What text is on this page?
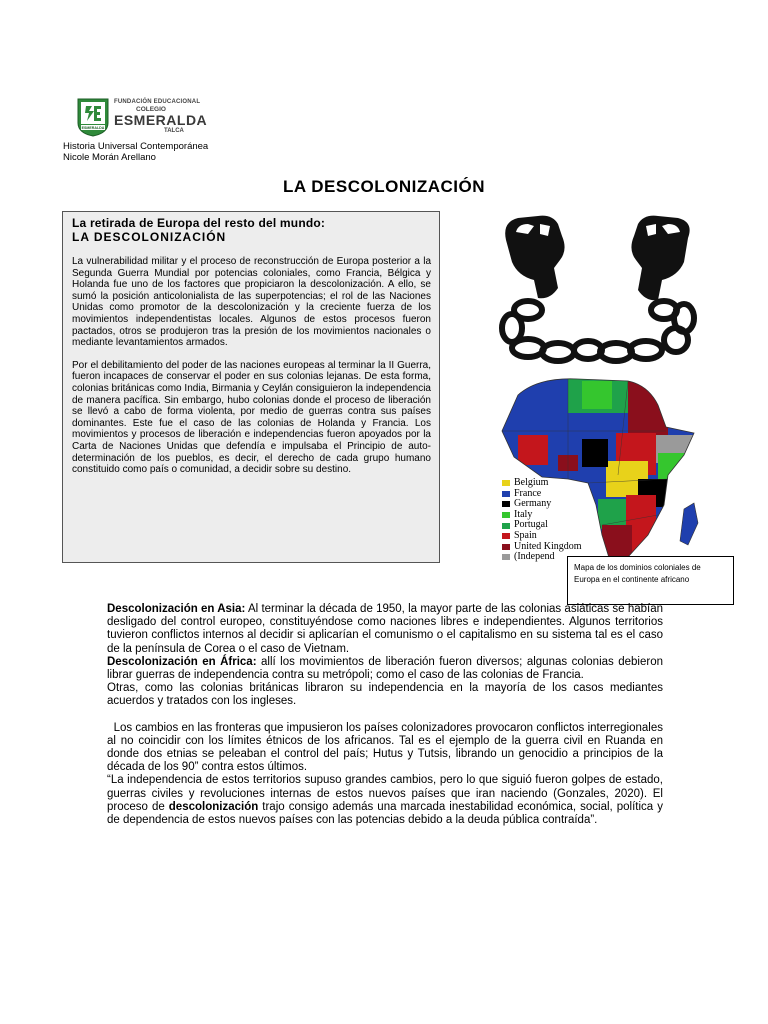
ESMERALDA
FUNDACIÓN EDUCACIONAL
COLEGIO
ESMERALDA
TALCA
Historia Universal Contemporánea
Nicole Morán Arellano
LA DESCOLONIZACIÓN
La retirada de Europa del resto del mundo:
LA DESCOLONIZACIÓN

La vulnerabilidad militar y el proceso de reconstrucción de Europa posterior a la Segunda Guerra Mundial por potencias coloniales, como Francia, Bélgica y Holanda fue uno de los factores que propiciaron la descolonización. A ello, se sumó la posición anticolonialista de las superpotencias; el rol de las Naciones Unidas como promotor de la descolonización y la creciente fuerza de los movimientos independentistas locales. Algunos de estos procesos fueron pactados, otros se produjeron tras la presión de los movimientos nacionales o mediante levantamientos armados.

Por el debilitamiento del poder de las naciones europeas al terminar la II Guerra, fueron incapaces de conservar el poder en sus colonias lejanas. De esta forma, colonias británicas como India, Birmania y Ceylán consiguieron la independencia de manera pacífica. Sin embargo, hubo colonias donde el proceso de liberación se llevó a cabo de forma violenta, por medio de guerras contra sus países dominantes. Este fue el caso de las colonias de Holanda y Francia. Los movimientos y procesos de liberación e independencias fueron apoyados por la Carta de Naciones Unidas que defendía e impulsaba el Principio de auto-determinación de los pueblos, es decir, el derecho de cada grupo humano constituido como país o comunidad, a decidir sobre su destino.

Belgium
France
Germany
Italy
Portugal
Spain
United Kingdom
(Independ
Mapa de los dominios coloniales de Europa en el continente africano

Descolonización en Asia: Al terminar la década de 1950, la mayor parte de las colonias asiáticas se habían desligado del control europeo, constituyéndose como naciones libres e independientes. Algunos territorios tuvieron conflictos internos al decidir si aplicarían el comunismo o el capitalismo en su sistema tal es el caso de la península de Corea o el caso de Vietnam.

Descolonización en África: allí los movimientos de liberación fueron diversos; algunas colonias debieron librar guerras de independencia contra su metrópoli; como el caso de las colonias de Francia.

Otras, como las colonias británicas libraron su independencia en la mayoría de los casos mediantes acuerdos y tratados con los ingleses.

Los cambios en las fronteras que impusieron los países colonizadores provocaron conflictos interregionales al no coincidir con los límites étnicos de los africanos. Tal es el ejemplo de la guerra civil en Ruanda en donde dos etnias se peleaban el control del país; Hutus y Tutsis, librando un genocidio a principios de la década de los 90” contra estos últimos.

“La independencia de estos territorios supuso grandes cambios, pero lo que siguió fueron golpes de estado, guerras civiles y revoluciones internas de estos nuevos países que iran naciendo (Gonzales, 2020). El proceso de descolonización trajo consigo además una marcada inestabilidad económica, social, política y de dependencia de estos nuevos países con las potencias debido a la deuda pública contraída”.
